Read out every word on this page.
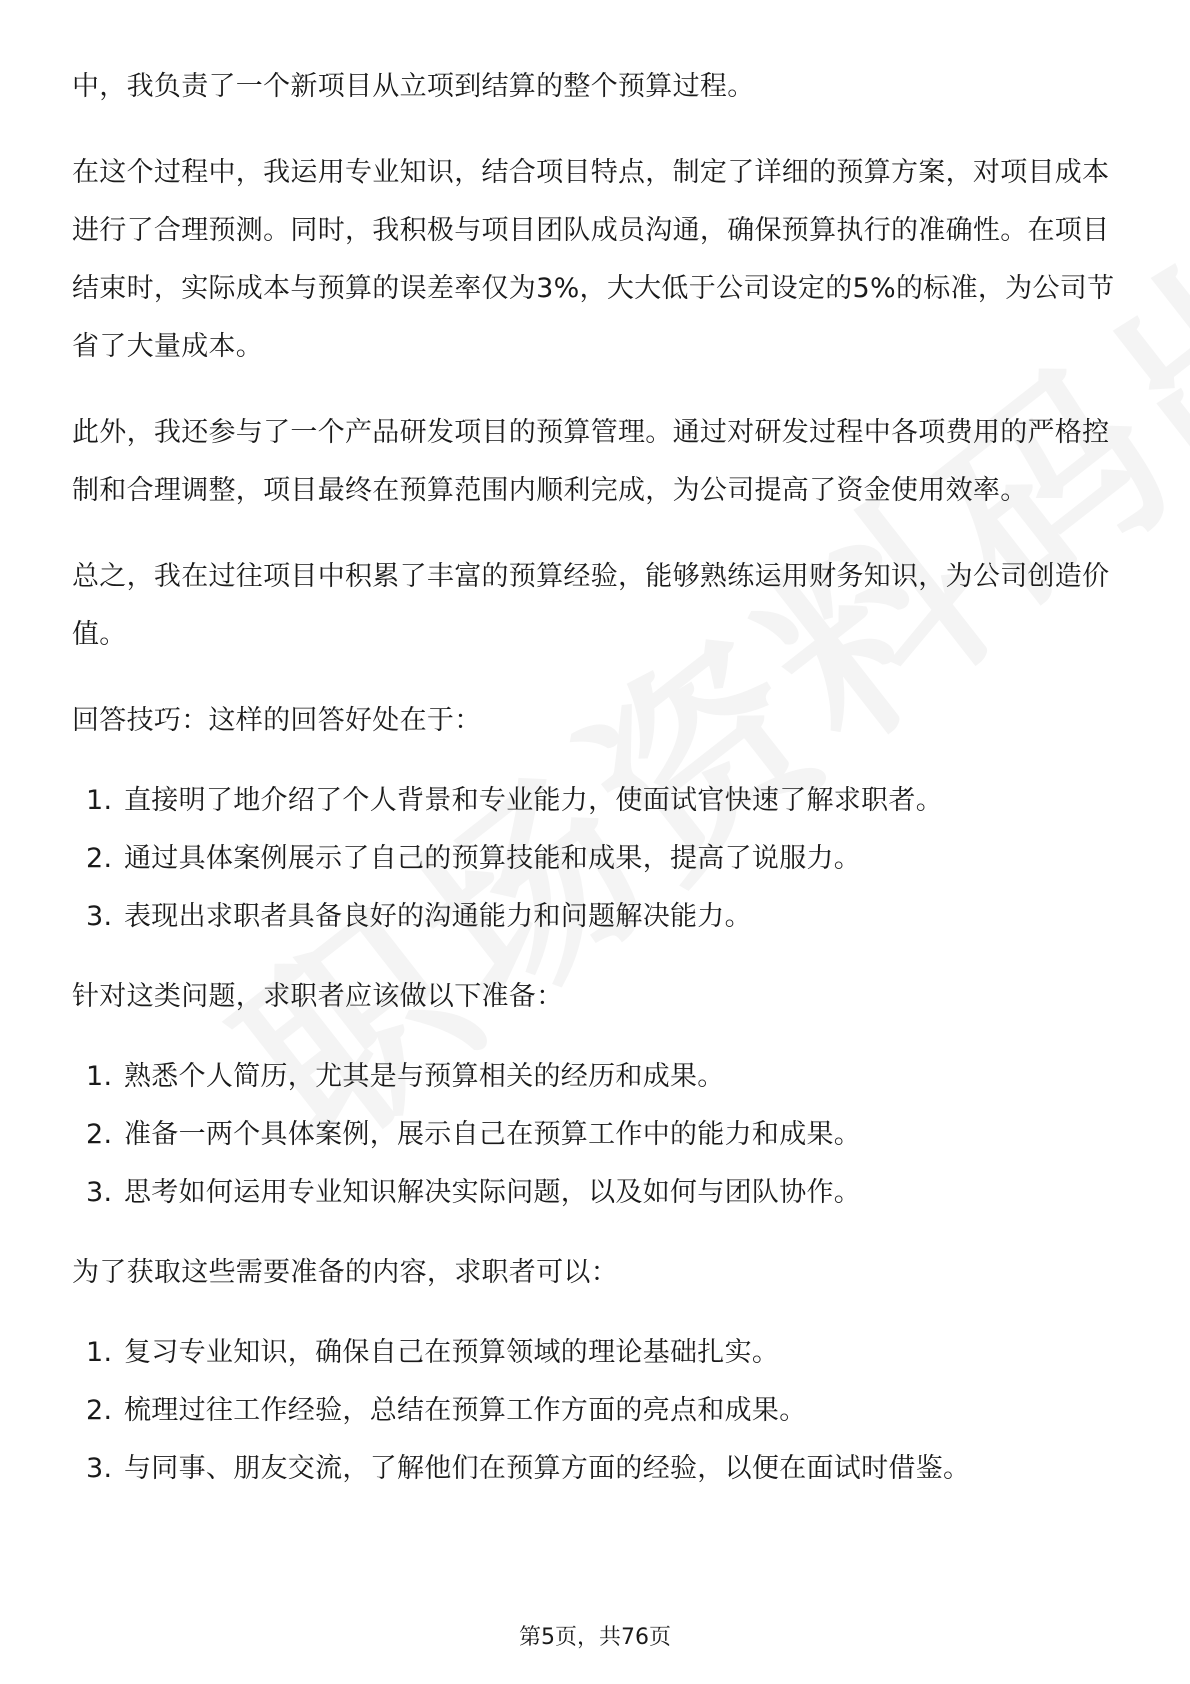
中，我负责了一个新项目从立项到结算的整个预算过程。

在这个过程中，我运用专业知识，结合项目特点，制定了详细的预算方案，对项目成本进行了合理预测。同时，我积极与项目团队成员沟通，确保预算执行的准确性。在项目结束时，实际成本与预算的误差率仅为3%，大大低于公司设定的5%的标准，为公司节省了大量成本。

此外，我还参与了一个产品研发项目的预算管理。通过对研发过程中各项费用的严格控制和合理调整，项目最终在预算范围内顺利完成，为公司提高了资金使用效率。

总之，我在过往项目中积累了丰富的预算经验，能够熟练运用财务知识，为公司创造价值。

回答技巧：这样的回答好处在于：

1. 直接明了地介绍了个人背景和专业能力，使面试官快速了解求职者。
2. 通过具体案例展示了自己的预算技能和成果，提高了说服力。
3. 表现出求职者具备良好的沟通能力和问题解决能力。

针对这类问题，求职者应该做以下准备：

1. 熟悉个人简历，尤其是与预算相关的经历和成果。
2. 准备一两个具体案例，展示自己在预算工作中的能力和成果。
3. 思考如何运用专业知识解决实际问题，以及如何与团队协作。

为了获取这些需要准备的内容，求职者可以：

1. 复习专业知识，确保自己在预算领域的理论基础扎实。
2. 梳理过往工作经验，总结在预算工作方面的亮点和成果。
3. 与同事、朋友交流，了解他们在预算方面的经验，以便在面试时借鉴。
第5页，共76页
